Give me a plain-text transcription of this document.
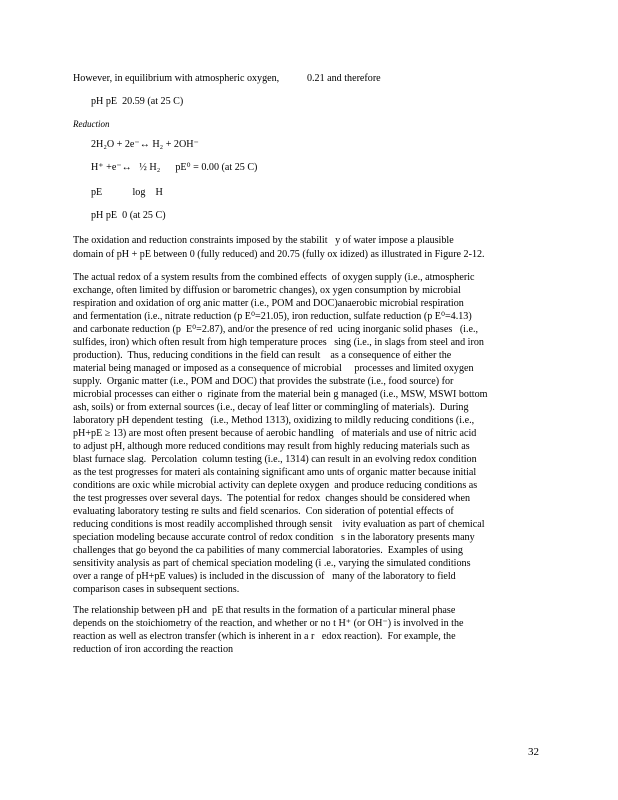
However, in equilibrium with atmospheric oxygen,           0.21 and therefore
pH pE  20.59 (at 25 C)
Reduction
2H₂O + 2e⁻↔ H₂ + 2OH⁻
H⁺ +e⁻↔   ½ H₂      pE⁰ = 0.00 (at 25 C)
pE            log    H
pH pE  0 (at 25 C)
The oxidation and reduction constraints imposed by the stabilit   y of water impose a plausible
domain of pH + pE between 0 (fully reduced) and 20.75 (fully ox idized) as illustrated in Figure 2‐12.
The actual redox of a system results from the combined effects  of oxygen supply (i.e., atmospheric
exchange, often limited by diffusion or barometric changes), ox ygen consumption by microbial
respiration and oxidation of org anic matter (i.e., POM and DOC)anaerobic microbial respiration
and fermentation (i.e., nitrate reduction (p E⁰=21.05), iron reduction, sulfate reduction (p E⁰=4.13)
and carbonate reduction (p  E⁰=2.87), and/or the presence of red  ucing inorganic solid phases   (i.e.,
sulfides, iron) which often result from high temperature proces   sing (i.e., in slags from steel and iron
production).  Thus, reducing conditions in the field can result    as a consequence of either the
material being managed or imposed as a consequence of microbial     processes and limited oxygen
supply.  Organic matter (i.e., POM and DOC) that provides the substrate (i.e., food source) for
microbial processes can either o  riginate from the material bein g managed (i.e., MSW, MSWI bottom
ash, soils) or from external sources (i.e., decay of leaf litter or commingling of materials).  During
laboratory pH dependent testing   (i.e., Method 1313), oxidizing to mildly reducing conditions (i.e.,
pH+pE ≥ 13) are most often present because of aerobic handling   of materials and use of nitric acid
to adjust pH, although more reduced conditions may result from highly reducing materials such as
blast furnace slag.  Percolation  column testing (i.e., 1314) can result in an evolving redox condition
as the test progresses for materi als containing significant amo unts of organic matter because initial
conditions are oxic while microbial activity can deplete oxygen  and produce reducing conditions as
the test progresses over several days.  The potential for redox  changes should be considered when
evaluating laboratory testing re sults and field scenarios.  Con sideration of potential effects of
reducing conditions is most readily accomplished through sensit    ivity evaluation as part of chemical
speciation modeling because accurate control of redox condition   s in the laboratory presents many
challenges that go beyond the ca pabilities of many commercial laboratories.  Examples of using
sensitivity analysis as part of chemical speciation modeling (i .e., varying the simulated conditions
over a range of pH+pE values) is included in the discussion of   many of the laboratory to field
comparison cases in subsequent sections.
The relationship between pH and  pE that results in the formation of a particular mineral phase
depends on the stoichiometry of the reaction, and whether or no t H⁺ (or OH⁻) is involved in the
reaction as well as electron transfer (which is inherent in a r   edox reaction).  For example, the
reduction of iron according the reaction
32
